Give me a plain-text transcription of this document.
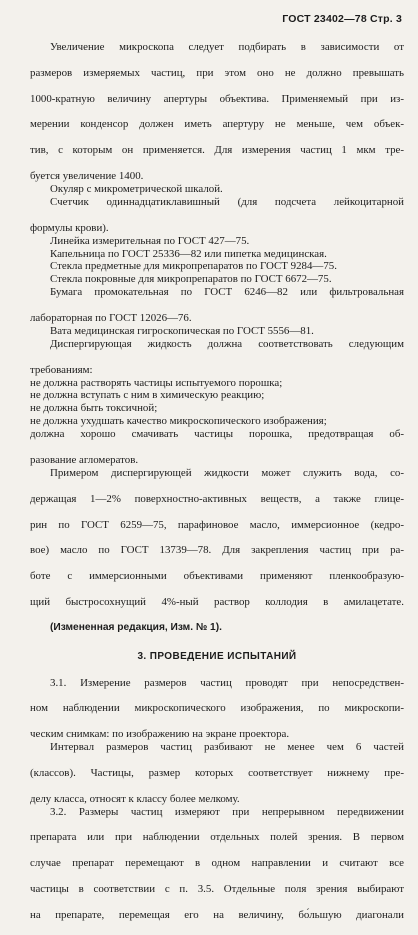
ГОСТ 23402—78 Стр. 3

Увеличение микроскопа следует подбирать в зависимости от

размеров измеряемых частиц, при этом оно не должно превышать

1000-кратную величину апертуры объектива. Применяемый при из-

мерении конденсор должен иметь апертуру не меньше, чем объек-

тив, с которым он применяется. Для измерения частиц 1 мкм тре-

буется увеличение 1400.

Окуляр с микрометрической шкалой.

Счетчик одиннадцатиклавишный (для подсчета лейкоцитарной

формулы крови).

Линейка измерительная по ГОСТ 427—75.

Капельница по ГОСТ 25336—82 или пипетка медицинская.

Стекла предметные для микропрепаратов по ГОСТ 9284—75.

Стекла покровные для микропрепаратов по ГОСТ 6672—75.

Бумага промокательная по ГОСТ 6246—82 или фильтровальная

лабораторная по ГОСТ 12026—76.

Вата медицинская гигроскопическая по ГОСТ 5556—81.

Диспергирующая жидкость должна соответствовать следующим

требованиям:

не должна растворять частицы испытуемого порошка;

не должна вступать с ним в химическую реакцию;

не должна быть токсичной;

не должна ухудшать качество микроскопического изображения;

должна хорошо смачивать частицы порошка, предотвращая об-

разование агломератов.

Примером диспергирующей жидкости может служить вода, со-

держащая 1—2% поверхностно-активных веществ, а также глице-

рин по ГОСТ 6259—75, парафиновое масло, иммерсионное (кедро-

вое) масло по ГОСТ 13739—78. Для закрепления частиц при ра-

боте с иммерсионными объективами применяют пленкообразую-

щий быстросохнущий 4%-ный раствор коллодия в амилацетате.

(Измененная редакция, Изм. № 1).

3. ПРОВЕДЕНИЕ ИСПЫТАНИЙ

3.1. Измерение размеров частиц проводят при непосредствен-

ном наблюдении микроскопического изображения, по микроскопи-

ческим снимкам: по изображению на экране проектора.

Интервал размеров частиц разбивают не менее чем 6 частей

(классов). Частицы, размер которых соответствует нижнему пре-

делу класса, относят к классу более мелкому.

3.2. Размеры частиц измеряют при непрерывном передвижении

препарата или при наблюдении отдельных полей зрения. В первом

случае препарат перемещают в одном направлении и считают все

частицы в соответствии с п. 3.5. Отдельные поля зрения выбирают

на препарате, перемещая его на величину, бо́льшую диагонали
